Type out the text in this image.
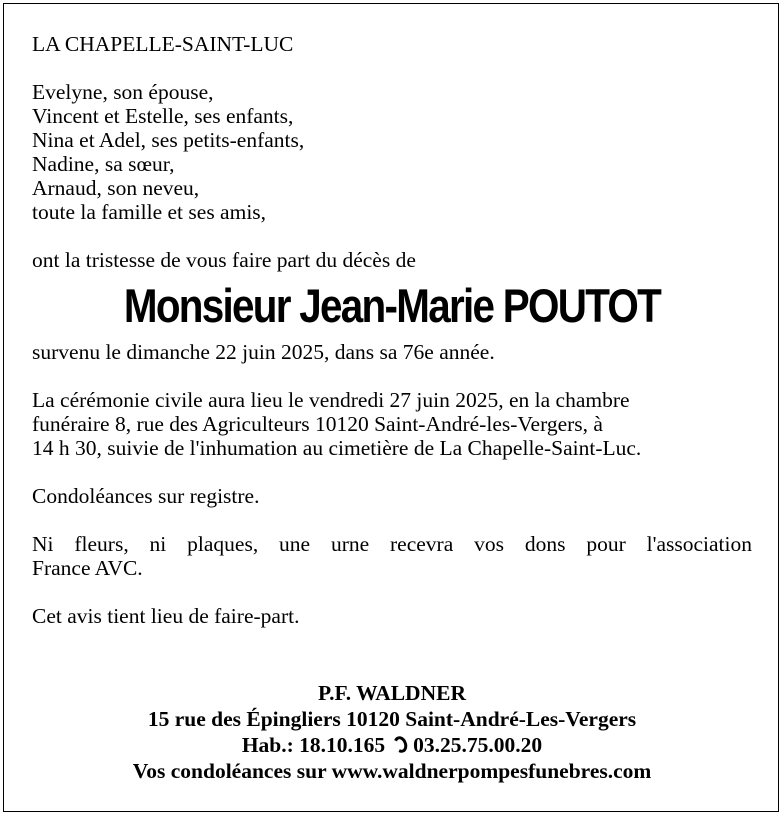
LA CHAPELLE-SAINT-LUC
Evelyne, son épouse,
Vincent et Estelle, ses enfants,
Nina et Adel, ses petits-enfants,
Nadine, sa sœur,
Arnaud, son neveu,
toute la famille et ses amis,
ont la tristesse de vous faire part du décès de
Monsieur Jean-Marie POUTOT
survenu le dimanche 22 juin 2025, dans sa 76e année.
La cérémonie civile aura lieu le vendredi 27 juin 2025, en la chambre
funéraire 8, rue des Agriculteurs 10120 Saint-André-les-Vergers, à
14 h 30, suivie de l'inhumation au cimetière de La Chapelle-Saint-Luc.
Condoléances sur registre.
Ni fleurs, ni plaques, une urne recevra vos dons pour l'association
France AVC.
Cet avis tient lieu de faire-part.
P.F. WALDNER
15 rue des Épingliers 10120 Saint-André-Les-Vergers
Hab.: 18.10.165 03.25.75.00.20
Vos condoléances sur www.waldnerpompesfunebres.com
